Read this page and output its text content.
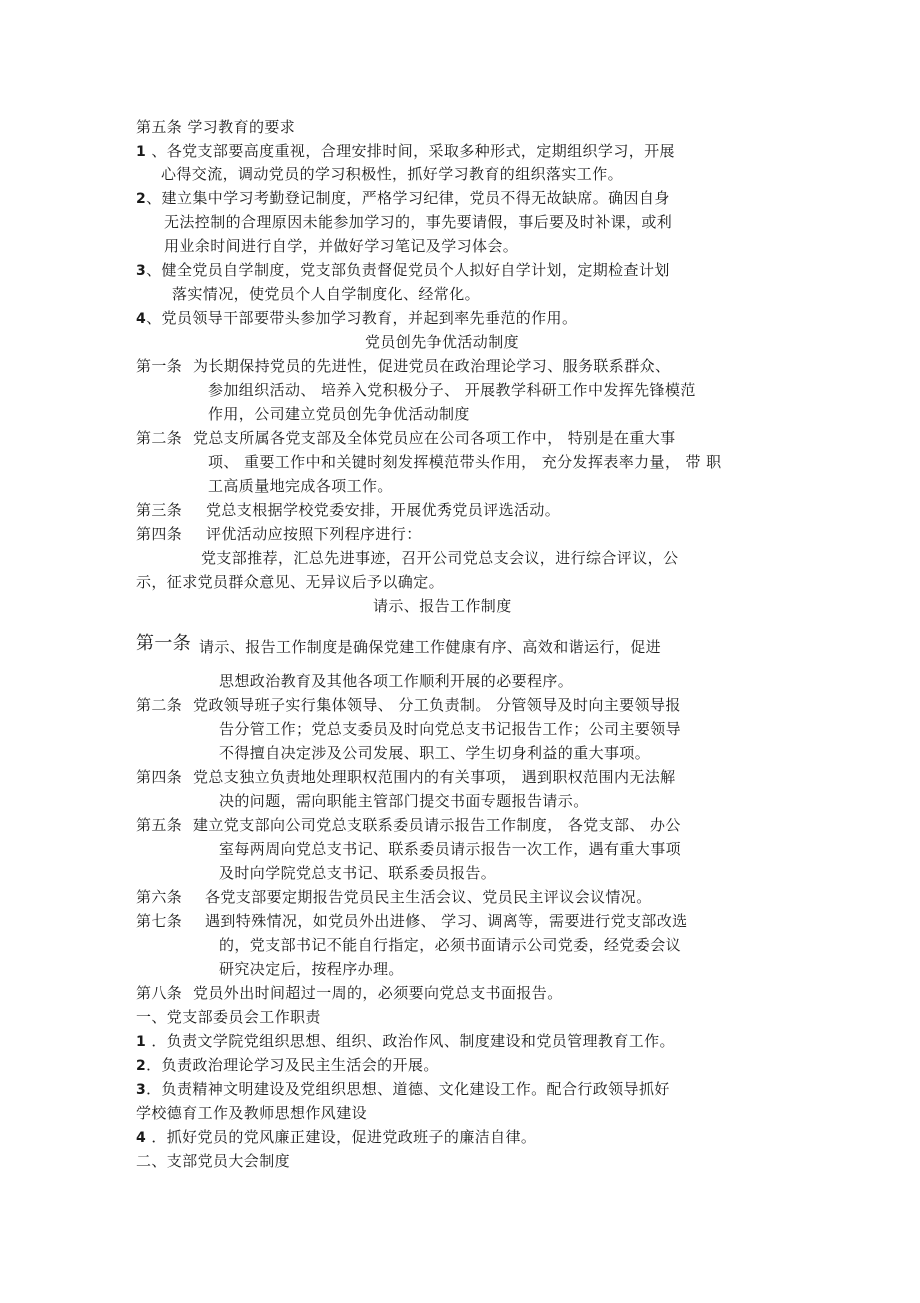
第五条 学习教育的要求
1 、各党支部要高度重视，合理安排时间，采取多种形式，定期组织学习，开展
心得交流，调动党员的学习积极性，抓好学习教育的组织落实工作。
2、建立集中学习考勤登记制度，严格学习纪律，党员不得无故缺席。确因自身
无法控制的合理原因未能参加学习的，事先要请假，事后要及时补课，或利
用业余时间进行自学，并做好学习笔记及学习体会。
3、健全党员自学制度，党支部负责督促党员个人拟好自学计划，定期检查计划
落实情况，使党员个人自学制度化、经常化。
4、党员领导干部要带头参加学习教育，并起到率先垂范的作用。
党员创先争优活动制度
第一条 为长期保持党员的先进性，促进党员在政治理论学习、服务联系群众、
参加组织活动、 培养入党积极分子、 开展教学科研工作中发挥先锋模范
作用，公司建立党员创先争优活动制度
第二条 党总支所属各党支部及全体党员应在公司各项工作中， 特别是在重大事
项、 重要工作中和关键时刻发挥模范带头作用， 充分发挥表率力量， 带 职
工高质量地完成各项工作。
第三条 党总支根据学校党委安排，开展优秀党员评选活动。
第四条 评优活动应按照下列程序进行：
党支部推荐，汇总先进事迹，召开公司党总支会议，进行综合评议，公
示，征求党员群众意见、无异议后予以确定。
请示、报告工作制度
第一条 请示、报告工作制度是确保党建工作健康有序、高效和谐运行，促进
思想政治教育及其他各项工作顺利开展的必要程序。
第二条 党政领导班子实行集体领导、 分工负责制。 分管领导及时向主要领导报
告分管工作；党总支委员及时向党总支书记报告工作；公司主要领导
不得擅自决定涉及公司发展、职工、学生切身利益的重大事项。
第四条 党总支独立负责地处理职权范围内的有关事项， 遇到职权范围内无法解
决的问题，需向职能主管部门提交书面专题报告请示。
第五条 建立党支部向公司党总支联系委员请示报告工作制度， 各党支部、 办公
室每两周向党总支书记、联系委员请示报告一次工作，遇有重大事项
及时向学院党总支书记、联系委员报告。
第六条 各党支部要定期报告党员民主生活会议、党员民主评议会议情况。
第七条 遇到特殊情况，如党员外出进修、 学习、调离等，需要进行党支部改选
的，党支部书记不能自行指定，必须书面请示公司党委，经党委会议
研究决定后，按程序办理。
第八条 党员外出时间超过一周的，必须要向党总支书面报告。
一、党支部委员会工作职责
1 ．负责文学院党组织思想、组织、政治作风、制度建设和党员管理教育工作。
2．负责政治理论学习及民主生活会的开展。
3．负责精神文明建设及党组织思想、道德、文化建设工作。配合行政领导抓好
学校德育工作及教师思想作风建设
4 ．抓好党员的党风廉正建设，促进党政班子的廉洁自律。
二、支部党员大会制度
